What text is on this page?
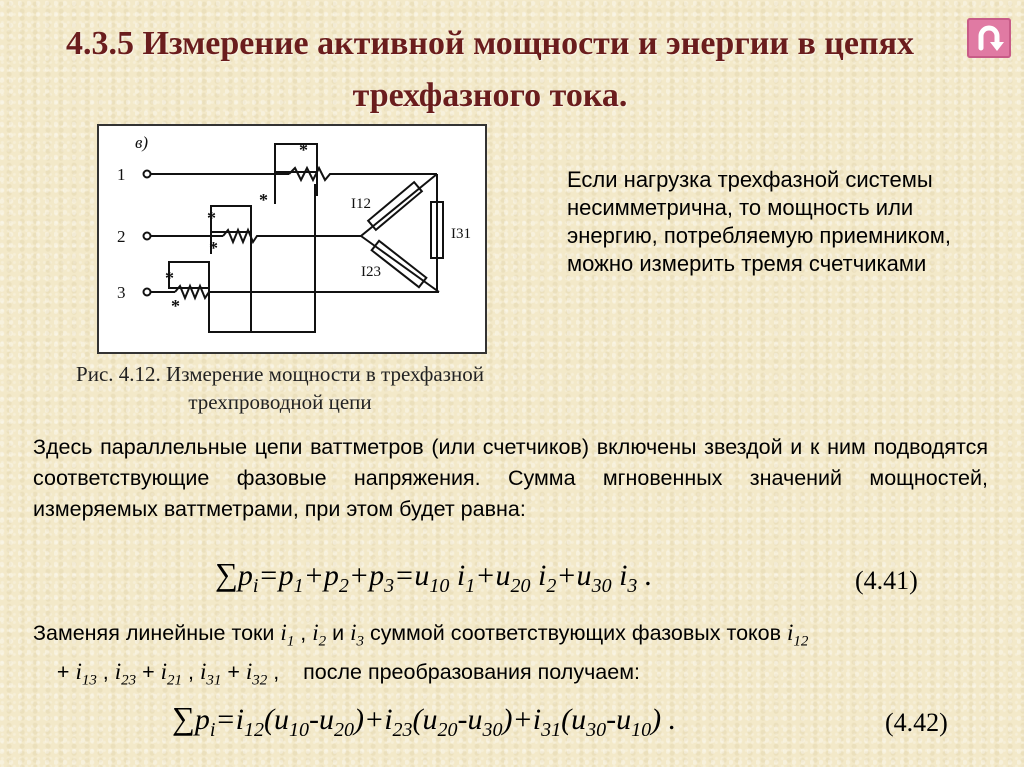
4.3.5 Измерение активной мощности и энергии в цепях трехфазного тока.
в)
1
2
3
I12
I31
I23
*
*
*
*
*
*
Рис. 4.12. Измерение мощности в трехфазной трехпроводной цепи
Если нагрузка трехфазной системы несимметрична, то мощность или энергию, потребляемую приемником, можно измерить тремя счетчиками
Здесь параллельные цепи ваттметров (или счетчиков) включены звездой и к ним подводятся соответствующие фазовые напряжения. Сумма мгновенных значений мощностей, измеряемых ваттметрами, при этом будет равна:
$\sum p_i=p_1+p_2+p_3=u_{10}$ $i_1+u_{20}$ $i_2+u_{30}$ $i_3$ .	(4.41)
Заменяя линейные токи $i_1$ , $i_2$ и $i_3$ суммой соответствующих фазовых токов $i_{12}$
+ $i_{13}$ , $i_{23} + i_{21}$ , $i_{31} + i_{32}$ ,    после преобразования получаем:
$\sum p_i=i_{12}(u_{10}-u_{20})+i_{23}(u_{20}-u_{30})+i_{31}(u_{30}-u_{10})$ .	(4.42)
